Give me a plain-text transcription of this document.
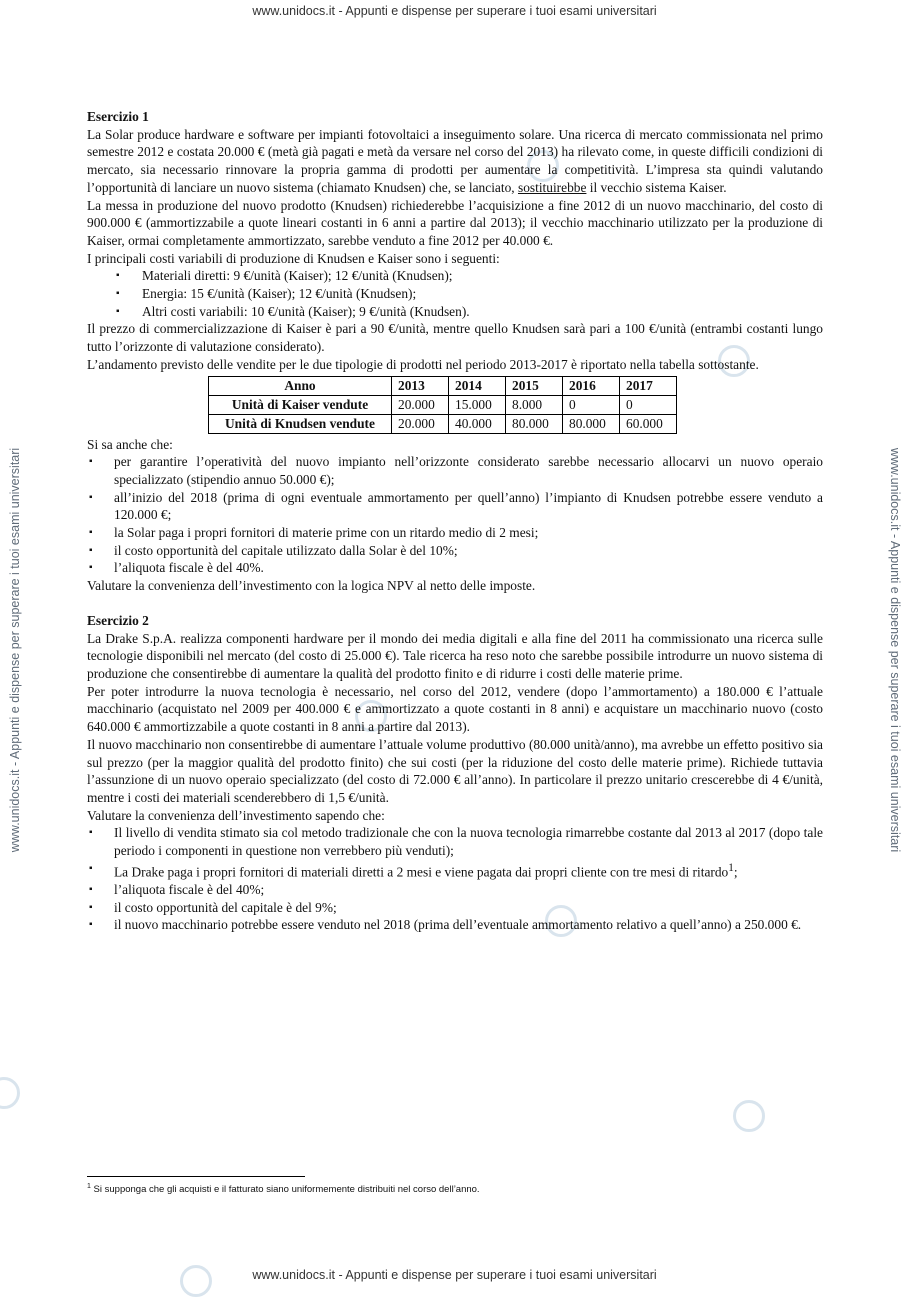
www.unidocs.it - Appunti e dispense per superare i tuoi esami universitari
www.unidocs.it - Appunti e dispense per superare i tuoi esami universitari
www.unidocs.it - Appunti e dispense per superare i tuoi esami universitari	www.unidocs.it - Appunti e dispense per superare i tuoi esami universitari

Esercizio 1

La Solar produce hardware e software per impianti fotovoltaici a inseguimento solare. Una ricerca di mercato commissionata nel primo semestre 2012 e costata 20.000 € (metà già pagati e metà da versare nel corso del 2013) ha rilevato come, in queste difficili condizioni di mercato, sia necessario rinnovare la propria gamma di prodotti per aumentare la competitività. L’impresa sta quindi valutando l’opportunità di lanciare un nuovo sistema (chiamato Knudsen) che, se lanciato, sostituirebbe il vecchio sistema Kaiser.

La messa in produzione del nuovo prodotto (Knudsen) richiederebbe l’acquisizione a fine 2012 di un nuovo macchinario, del costo di 900.000 € (ammortizzabile a quote lineari costanti in 6 anni a partire dal 2013); il vecchio macchinario utilizzato per la produzione di Kaiser, ormai completamente ammortizzato, sarebbe venduto a fine 2012 per 40.000 €.

I principali costi variabili di produzione di Knudsen e Kaiser sono i seguenti:

▪ Materiali diretti: 9 €/unità (Kaiser); 12 €/unità (Knudsen);
▪ Energia: 15 €/unità (Kaiser); 12 €/unità (Knudsen);
▪ Altri costi variabili: 10 €/unità (Kaiser); 9 €/unità (Knudsen).

Il prezzo di commercializzazione di Kaiser è pari a 90 €/unità, mentre quello Knudsen sarà pari a 100 €/unità (entrambi costanti lungo tutto l’orizzonte di valutazione considerato).

L’andamento previsto delle vendite per le due tipologie di prodotti nel periodo 2013-2017 è riportato nella tabella sottostante.

Anno	2013	2014	2015	2016	2017
Unità di Kaiser vendute	20.000	15.000	8.000	0	0
Unità di Knudsen vendute	20.000	40.000	80.000	80.000	60.000

Si sa anche che:

▪ per garantire l’operatività del nuovo impianto nell’orizzonte considerato sarebbe necessario allocarvi un nuovo operaio specializzato (stipendio annuo 50.000 €);
▪ all’inizio del 2018 (prima di ogni eventuale ammortamento per quell’anno) l’impianto di Knudsen potrebbe essere venduto a 120.000 €;
▪ la Solar paga i propri fornitori di materie prime con un ritardo medio di 2 mesi;
▪ il costo opportunità del capitale utilizzato dalla Solar è del 10%;
▪ l’aliquota fiscale è del 40%.

Valutare la convenienza dell’investimento con la logica NPV al netto delle imposte.

Esercizio 2

La Drake S.p.A. realizza componenti hardware per il mondo dei media digitali e alla fine del 2011 ha commissionato una ricerca sulle tecnologie disponibili nel mercato (del costo di 25.000 €). Tale ricerca ha reso noto che sarebbe possibile introdurre un nuovo sistema di produzione che consentirebbe di aumentare la qualità del prodotto finito e di ridurre i costi delle materie prime.

Per poter introdurre la nuova tecnologia è necessario, nel corso del 2012, vendere (dopo l’ammortamento) a 180.000 € l’attuale macchinario (acquistato nel 2009 per 400.000 € e ammortizzato a quote costanti in 8 anni) e acquistare un macchinario nuovo (costo 640.000 € ammortizzabile a quote costanti in 8 anni a partire dal 2013).

Il nuovo macchinario non consentirebbe di aumentare l’attuale volume produttivo (80.000 unità/anno), ma avrebbe un effetto positivo sia sul prezzo (per la maggior qualità del prodotto finito) che sui costi (per la riduzione del costo delle materie prime). Richiede tuttavia l’assunzione di un nuovo operaio specializzato (del costo di 72.000 € all’anno). In particolare il prezzo unitario crescerebbe di 4 €/unità, mentre i costi dei materiali scenderebbero di 1,5 €/unità.

Valutare la convenienza dell’investimento sapendo che:

▪ Il livello di vendita stimato sia col metodo tradizionale che con la nuova tecnologia rimarrebbe costante dal 2013 al 2017 (dopo tale periodo i componenti in questione non verrebbero più venduti);
▪ La Drake paga i propri fornitori di materiali diretti a 2 mesi e viene pagata dai propri cliente con tre mesi di ritardo$^1$;
▪ l’aliquota fiscale è del 40%;
▪ il costo opportunità del capitale è del 9%;
▪ il nuovo macchinario potrebbe essere venduto nel 2018 (prima dell’eventuale ammortamento relativo a quell’anno) a 250.000 €.
$^1$ Si supponga che gli acquisti e il fatturato siano uniformemente distribuiti nel corso dell’anno.
